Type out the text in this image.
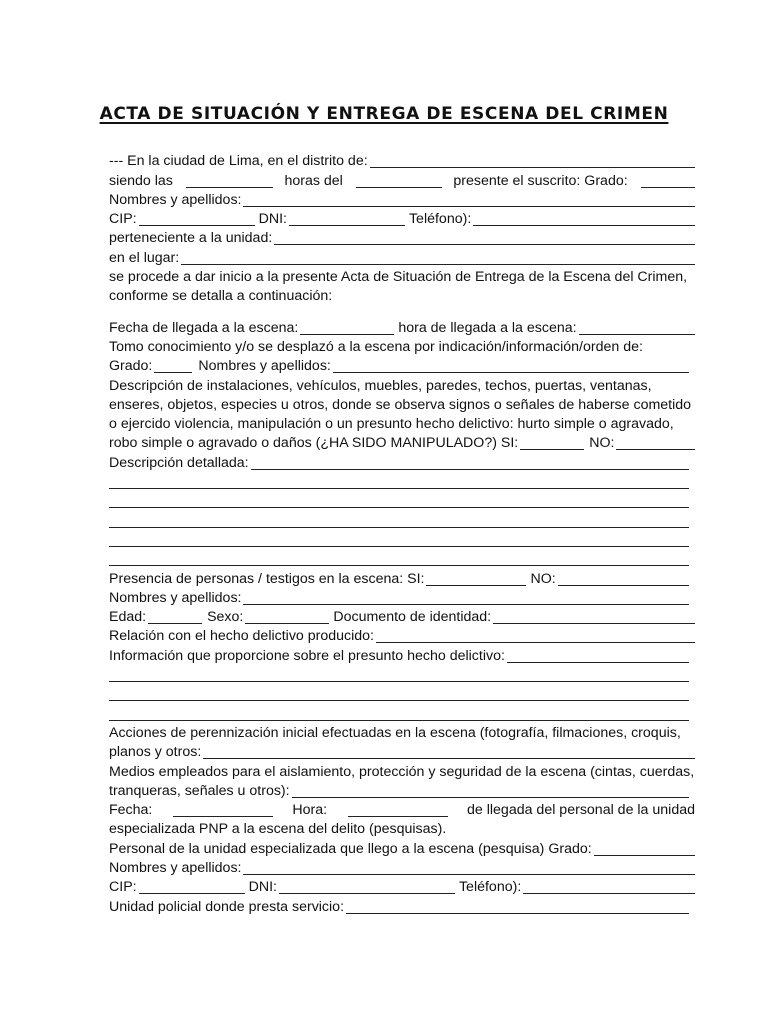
ACTA DE SITUACIÓN Y ENTREGA DE ESCENA DEL CRIMEN
--- En la ciudad de Lima, en el distrito de:
siendo las	horas del	presente el suscrito: Grado:
Nombres y apellidos:
CIP:	DNI:	Teléfono):
perteneciente a la unidad:
en el lugar:
se procede a dar inicio a la presente Acta de Situación de Entrega de la Escena del Crimen,
conforme se detalla a continuación:
Fecha de llegada a la escena:	hora de llegada a la escena:
Tomo conocimiento y/o se desplazó a la escena por indicación/información/orden de:
Grado:	Nombres y apellidos:
Descripción de instalaciones, vehículos, muebles, paredes, techos, puertas, ventanas,
enseres, objetos, especies u otros, donde se observa signos o señales de haberse cometido
o ejercido violencia, manipulación o un presunto hecho delictivo: hurto simple o agravado,
robo simple o agravado o daños (¿HA SIDO MANIPULADO?) SI:	NO:
Descripción detallada:
Presencia de personas / testigos en la escena: SI:	NO:
Nombres y apellidos:
Edad:	Sexo:	Documento de identidad:
Relación con el hecho delictivo producido:
Información que proporcione sobre el presunto hecho delictivo:
Acciones de perennización inicial efectuadas en la escena (fotografía, filmaciones, croquis,
planos y otros:
Medios empleados para el aislamiento, protección y seguridad de la escena (cintas, cuerdas,
tranqueras, señales u otros):
Fecha:	Hora:	de llegada del personal de la unidad
especializada PNP a la escena del delito (pesquisas).
Personal de la unidad especializada que llego a la escena (pesquisa) Grado:
Nombres y apellidos:
CIP:	DNI:	Teléfono):
Unidad policial donde presta servicio:
